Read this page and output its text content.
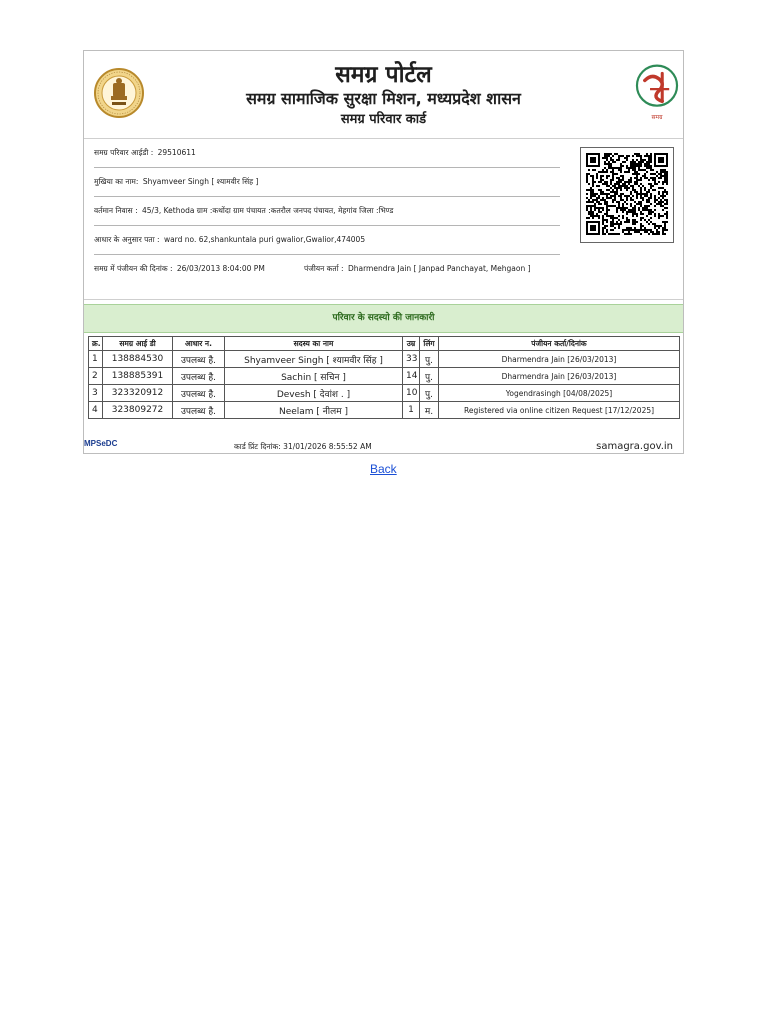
समग्र पोर्टल
समग्र सामाजिक सुरक्षा मिशन, मध्यप्रदेश शासन
समग्र परिवार कार्ड	समग्र
समग्र परिवार आईडी : 29510611
मुखिया का नाम: Shyamveer Singh [ श्यामवीर सिंह ]
वर्तमान निवास : 45/3, Kethoda ग्राम :कथोंदा ग्राम पंचायत :कतरौल जनपद पंचायत, मेहगांव जिला :भिण्ड
आधार के अनुसार पता : ward no. 62,shankuntala puri gwalior,Gwalior,474005
समग्र में पंजीयन की दिनांक : 26/03/2013 8:04:00 PM	पंजीयन कर्ता : Dharmendra Jain [ Janpad Panchayat, Mehgaon ]
परिवार के सदस्यो की जानकारी
क्र.	समग्र आई डी	आधार न.	सदस्य का नाम	उम्र	लिंग	पंजीयन कर्ता/दिनांक
1	138884530	उपलब्ध है.	Shyamveer Singh [ श्यामवीर सिंह ]	33	पु.	Dharmendra Jain [26/03/2013]
2	138885391	उपलब्ध है.	Sachin [ सचिन ]	14	पु.	Dharmendra Jain [26/03/2013]
3	323320912	उपलब्ध है.	Devesh [ देवांश . ]	10	पु.	Yogendrasingh [04/08/2025]
4	323809272	उपलब्ध है.	Neelam [ नीलम ]	1	म.	Registered via online citizen Request [17/12/2025]
MPSeDC	कार्ड प्रिंट दिनांक: 31/01/2026 8:55:52 AM	samagra.gov.in
Back
